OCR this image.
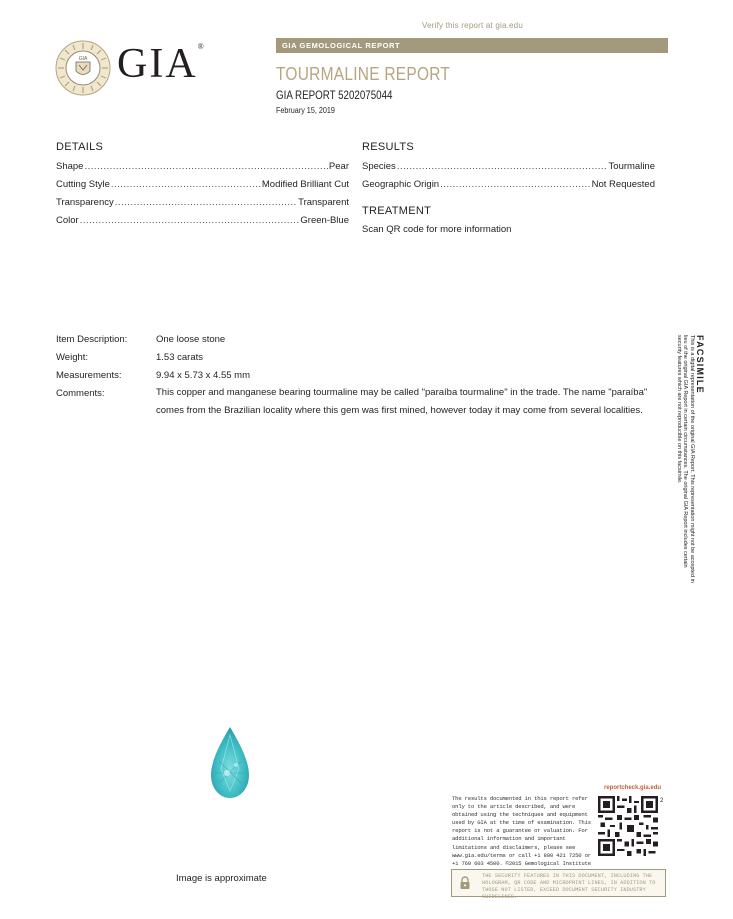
Verify this report at gia.edu
GIA GIA®	GIA GEMOLOGICAL REPORT
TOURMALINE REPORT
GIA REPORT 5202075044
February 15, 2019
DETAILS
Shape .....	Pear
Cutting Style .....	Modified Brilliant Cut
Transparency .....	Transparent
Color .....	Green-Blue
RESULTS
Species .....	Tourmaline
Geographic Origin .....	Not Requested
TREATMENT
Scan QR code for more information
Item Description:	One loose stone
Weight:	1.53 carats
Measurements:	9.94 x 5.73 x 4.55 mm
Comments:	This copper and manganese bearing tourmaline may be called "paraíba tourmaline" in the trade. The name "paraíba" comes from the Brazilian locality where this gem was first mined, however today it may come from several localities.
Image is approximate
The results documented in this report refer only to the article described, and were obtained using the techniques and equipment used by GIA at the time of examination. This report is not a guarantee or valuation. For additional information and important limitations and disclaimers, please see www.gia.edu/terms or call +1 800 421 7250 or +1 760 603 4500. ©2015 Gemological Institute
reportcheck.gia.edu
2
THE SECURITY FEATURES IN THIS DOCUMENT, INCLUDING THE HOLOGRAM, QR CODE AND MICROPRINT LINES, IN ADDITION TO THOSE NOT LISTED, EXCEED DOCUMENT SECURITY INDUSTRY GUIDELINES.
FACSIMILE
This is a digital representation of the original GIA Report. This representation might not be accepted in lieu of the original GIA Report in certain circumstances. The original GIA Report includes certain security features which are not reproducible on this facsimile.
